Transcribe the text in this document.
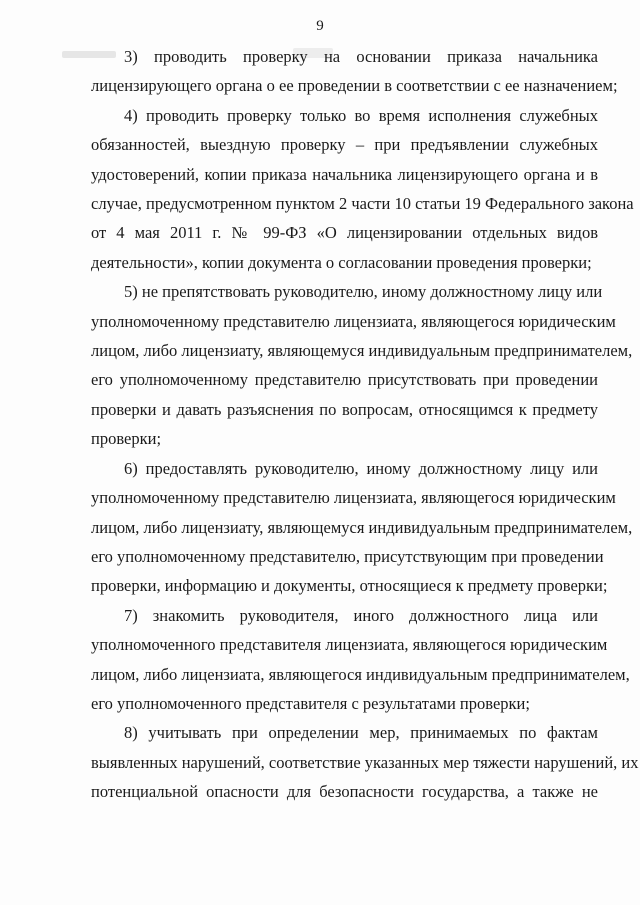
9

3) проводить проверку на основании приказа начальника
лицензирующего органа о ее проведении в соответствии с ее назначением;

4) проводить проверку только во время исполнения служебных
обязанностей, выездную проверку – при предъявлении служебных
удостоверений, копии приказа начальника лицензирующего органа и в
случае, предусмотренном пунктом 2 части 10 статьи 19 Федерального закона
от 4 мая 2011 г. № 99-ФЗ «О лицензировании отдельных видов
деятельности», копии документа о согласовании проведения проверки;

5) не препятствовать руководителю, иному должностному лицу или
уполномоченному представителю лицензиата, являющегося юридическим
лицом, либо лицензиату, являющемуся индивидуальным предпринимателем,
его уполномоченному представителю присутствовать при проведении
проверки и давать разъяснения по вопросам, относящимся к предмету
проверки;

6) предоставлять руководителю, иному должностному лицу или
уполномоченному представителю лицензиата, являющегося юридическим
лицом, либо лицензиату, являющемуся индивидуальным предпринимателем,
его уполномоченному представителю, присутствующим при проведении
проверки, информацию и документы, относящиеся к предмету проверки;

7) знакомить руководителя, иного должностного лица или
уполномоченного представителя лицензиата, являющегося юридическим
лицом, либо лицензиата, являющегося индивидуальным предпринимателем,
его уполномоченного представителя с результатами проверки;

8) учитывать при определении мер, принимаемых по фактам
выявленных нарушений, соответствие указанных мер тяжести нарушений, их
потенциальной опасности для безопасности государства, а также не
